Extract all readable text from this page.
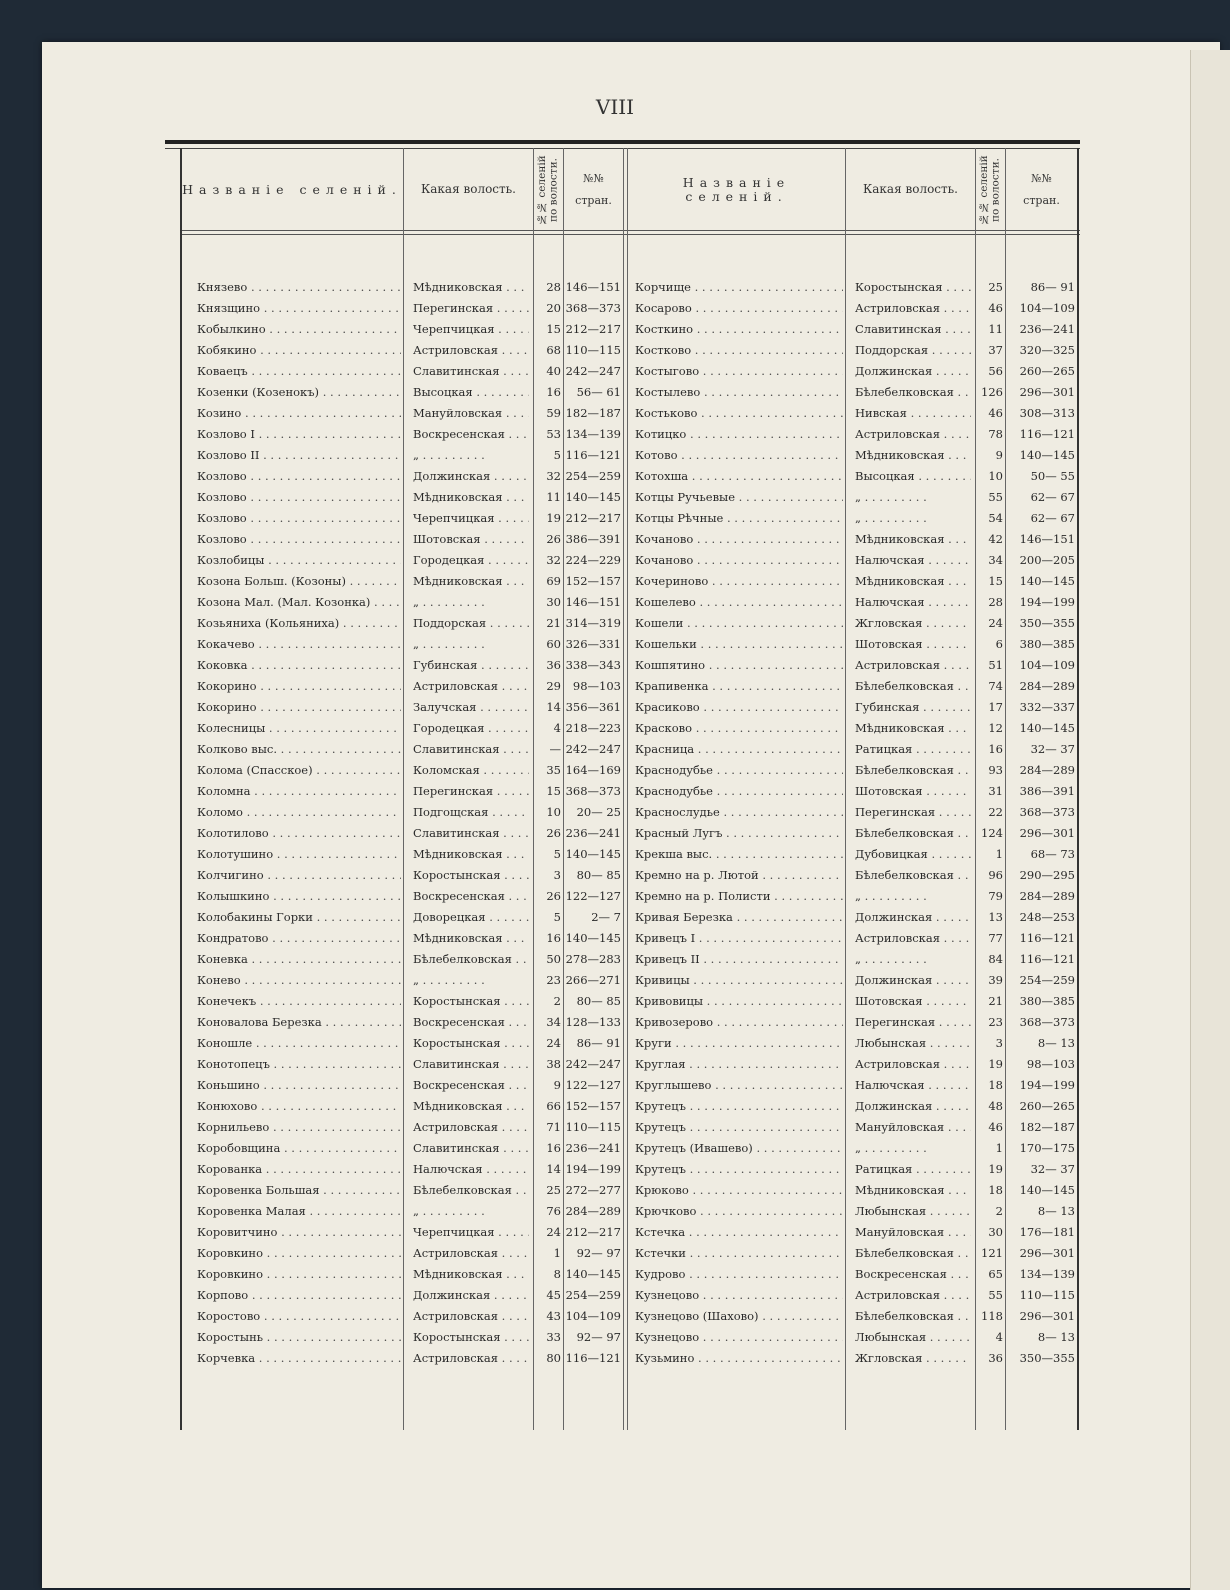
VIII
Названіе селеній.	Какая волость.	№№ селеній по волости.	№№
стран.
Названіе селеній.	Какая волость.	№№ селеній по волости.	№№
стран.
Князево . . .	Мѣдниковская . . .	28 146—151
Князщино . . .	Перегинская . . .	20 368—373
Кобылкино . . .	Черепчицкая . . .	15 212—217
Кобякино . . .	Астриловская . . .	68 110—115
Коваецъ . . .	Славитинская . . .	40 242—247
Козенки (Козенокъ) . . .	Высоцкая . . .	16	56— 61
Козино . . .	Мануйловская . . .	59 182—187
Козлово I . . .	Воскресенская . . .	53 134—139
Козлово II . . .	„ . . .	5 116—121
Козлово . . .	Должинская . . .	32 254—259
Козлово . . .	Мѣдниковская . . .	11 140—145
Козлово . . .	Черепчицкая . . .	19 212—217
Козлово . . .	Шотовская . . .	26 386—391
Козлобицы . . .	Городецкая . . .	32 224—229
Козона Больш. (Козоны) . . .	Мѣдниковская . . .	69 152—157
Козона Мал. (Мал. Козонка) . . .	„ . . .	30 146—151
Козьяниха (Кольяниха) . . .	Поддорская . . .	21 314—319
Кокачево . . .	„ . . .	60 326—331
Коковка . . .	Губинская . . .	36 338—343
Кокорино . . .	Астриловская . . .	29	98—103
Кокорино . . .	Залучская . . .	14 356—361
Колесницы . . .	Городецкая . . .	4 218—223
Колково выс. . . .	Славитинская . . .	— 242—247
Колома (Спасское) . . .	Коломская . . .	35 164—169
Коломна . . .	Перегинская . . .	15 368—373
Коломо . . .	Подгощская . . .	10	20— 25
Колотилово . . .	Славитинская . . .	26 236—241
Колотушино . . .	Мѣдниковская . . .	5 140—145
Колчигино . . .	Коростынская . . .	3	80— 85
Колышкино . . .	Воскресенская . . .	26 122—127
Колобакины Горки . . .	Доворецкая . . .	5	2— 7
Кондратово . . .	Мѣдниковская . . .	16 140—145
Коневка . . .	Бѣлебелковская . . .	50 278—283
Конево . . .	„ . . .	23 266—271
Конечекъ . . .	Коростынская . . .	2	80— 85
Коновалова Березка . . .	Воскресенская . . .	34 128—133
Коношле . . .	Коростынская . . .	24	86— 91
Конотопецъ . . .	Славитинская . . .	38 242—247
Коньшино . . .	Воскресенская . . .	9 122—127
Конюхово . . .	Мѣдниковская . . .	66 152—157
Корнильево . . .	Астриловская . . .	71 110—115
Коробовщина . . .	Славитинская . . .	16 236—241
Корованка . . .	Налючская . . .	14 194—199
Коровенка Большая . . .	Бѣлебелковская . . .	25 272—277
Коровенка Малая . . .	„ . . .	76 284—289
Коровитчино . . .	Черепчицкая . . .	24 212—217
Коровкино . . .	Астриловская . . .	1	92— 97
Коровкино . . .	Мѣдниковская . . .	8 140—145
Корпово . . .	Должинская . . .	45 254—259
Коростово . . .	Астриловская . . .	43 104—109
Коростынь . . .	Коростынская . . .	33	92— 97
Корчевка . . .	Астриловская . . .	80 116—121
Корчище . . .	Коростынская . . .	25	86— 91
Косарово . . .	Астриловская . . .	46	104—109
Косткино . . .	Славитинская . . .	11	236—241
Костково . . .	Поддорская . . .	37	320—325
Костыгово . . .	Должинская . . .	56	260—265
Костылево . . .	Бѣлебелковская . . .	126	296—301
Костьково . . .	Нивская . . .	46	308—313
Котицко . . .	Астриловская . . .	78	116—121
Котово . . .	Мѣдниковская . . .	9	140—145
Котохша . . .	Высоцкая . . .	10	50— 55
Котцы Ручьевые . . .	„ . . .	55	62— 67
Котцы Рѣчные . . .	„ . . .	54	62— 67
Кочаново . . .	Мѣдниковская . . .	42	146—151
Кочаново . . .	Налючская . . .	34	200—205
Кочериново . . .	Мѣдниковская . . .	15	140—145
Кошелево . . .	Налючская . . .	28	194—199
Кошели . . .	Жгловская . . .	24	350—355
Кошельки . . .	Шотовская . . .	6	380—385
Кошпятино . . .	Астриловская . . .	51	104—109
Крапивенка . . .	Бѣлебелковская . . .	74	284—289
Красиково . . .	Губинская . . .	17	332—337
Красково . . .	Мѣдниковская . . .	12	140—145
Красница . . .	Ратицкая . . .	16	32— 37
Краснодубье . . .	Бѣлебелковская . . .	93	284—289
Краснодубье . . .	Шотовская . . .	31	386—391
Краснослудье . . .	Перегинская . . .	22	368—373
Красный Лугъ . . .	Бѣлебелковская . . .	124	296—301
Крекша выс. . . .	Дубовицкая . . .	1	68— 73
Кремно на р. Лютой . . .	Бѣлебелковская . . .	96	290—295
Кремно на р. Полисти . . .	„ . . .	79	284—289
Кривая Березка . . .	Должинская . . .	13	248—253
Кривецъ I . . .	Астриловская . . .	77	116—121
Кривецъ II . . .	„ . . .	84	116—121
Кривицы . . .	Должинская . . .	39	254—259
Кривовицы . . .	Шотовская . . .	21	380—385
Кривозерово . . .	Перегинская . . .	23	368—373
Круги . . .	Любынская . . .	3	8— 13
Круглая . . .	Астриловская . . .	19	98—103
Круглышево . . .	Налючская . . .	18	194—199
Крутецъ . . .	Должинская . . .	48	260—265
Крутецъ . . .	Мануйловская . . .	46	182—187
Крутецъ (Ивашево) . . .	„ . . .	1	170—175
Крутецъ . . .	Ратицкая . . .	19	32— 37
Крюково . . .	Мѣдниковская . . .	18	140—145
Крючково . . .	Любынская . . .	2	8— 13
Кстечка . . .	Мануйловская . . .	30	176—181
Кстечки . . .	Бѣлебелковская . . .	121	296—301
Кудрово . . .	Воскресенская . . .	65	134—139
Кузнецово . . .	Астриловская . . .	55	110—115
Кузнецово (Шахово) . . .	Бѣлебелковская . . .	118	296—301
Кузнецово . . .	Любынская . . .	4	8— 13
Кузьмино . . .	Жгловская . . .	36	350—355
